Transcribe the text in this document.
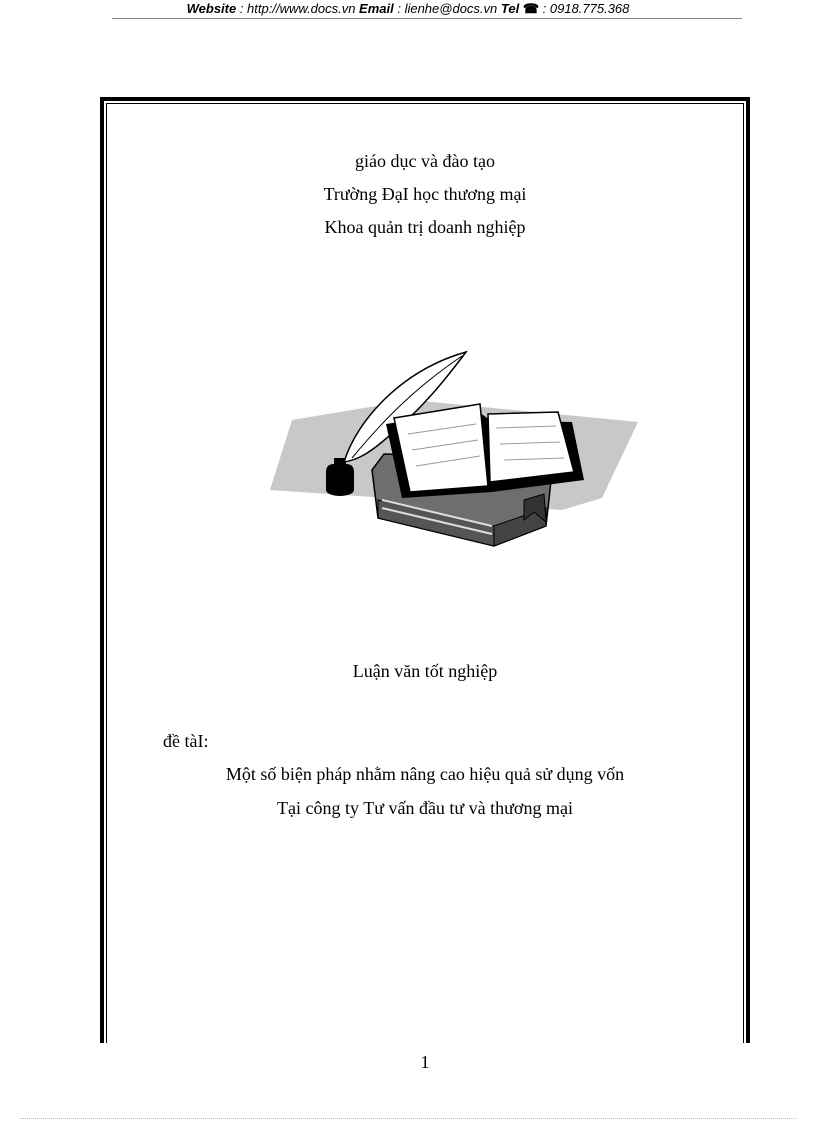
Website : http://www.docs.vn Email : lienhe@docs.vn Tel ☎ : 0918.775.368
giáo dục và đào tạo
Trường ĐạI học thương mại
Khoa quản trị doanh nghiệp
Luận văn tốt nghiệp
đề tàI:
Một số biện pháp nhằm nâng cao hiệu quả sử dụng vốn
Tại công ty Tư vấn đầu tư và thương mại
1
